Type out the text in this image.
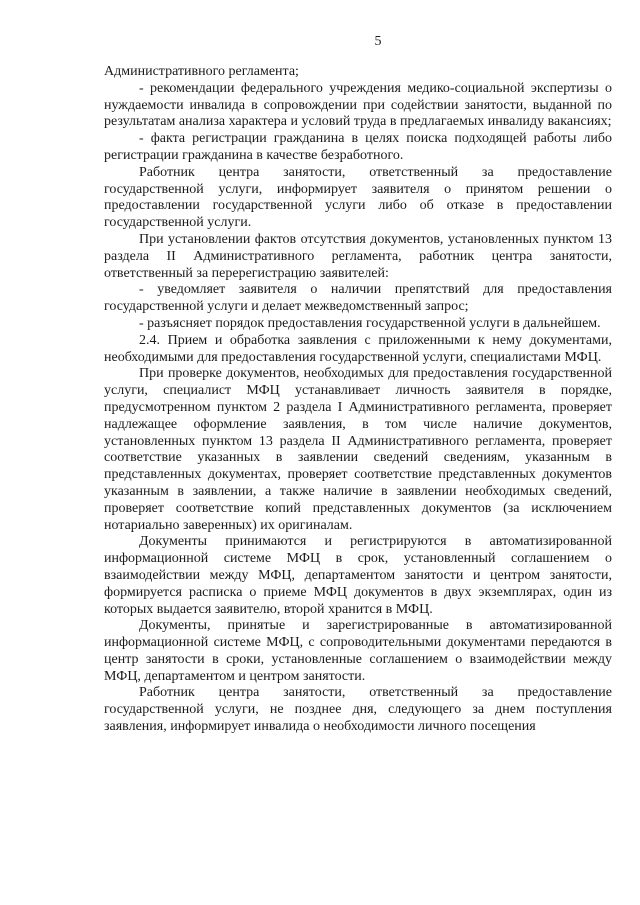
5

Административного регламента;

- рекомендации федерального учреждения медико-социальной экспертизы о нуждаемости инвалида в сопровождении при содействии занятости, выданной по результатам анализа характера и условий труда в предлагаемых инвалиду вакансиях;

- факта регистрации гражданина в целях поиска подходящей работы либо регистрации гражданина в качестве безработного.

Работник центра занятости, ответственный за предоставление государственной услуги, информирует заявителя о принятом решении о предоставлении государственной услуги либо об отказе в предоставлении государственной услуги.

При установлении фактов отсутствия документов, установленных пунктом 13 раздела II Административного регламента, работник центра занятости, ответственный за перерегистрацию заявителей:

- уведомляет заявителя о наличии препятствий для предоставления государственной услуги и делает межведомственный запрос;

- разъясняет порядок предоставления государственной услуги в дальнейшем.

2.4. Прием и обработка заявления с приложенными к нему документами, необходимыми для предоставления государственной услуги, специалистами МФЦ.

При проверке документов, необходимых для предоставления государственной услуги, специалист МФЦ устанавливает личность заявителя в порядке, предусмотренном пунктом 2 раздела I Административного регламента, проверяет надлежащее оформление заявления, в том числе наличие документов, установленных пунктом 13 раздела II Административного регламента, проверяет соответствие указанных в заявлении сведений сведениям, указанным в представленных документах, проверяет соответствие представленных документов указанным в заявлении, а также наличие в заявлении необходимых сведений, проверяет соответствие копий представленных документов (за исключением нотариально заверенных) их оригиналам.

Документы принимаются и регистрируются в автоматизированной информационной системе МФЦ в срок, установленный соглашением о взаимодействии между МФЦ, департаментом занятости и центром занятости, формируется расписка о приеме МФЦ документов в двух экземплярах, один из которых выдается заявителю, второй хранится в МФЦ.

Документы, принятые и зарегистрированные в автоматизированной информационной системе МФЦ, с сопроводительными документами передаются в центр занятости в сроки, установленные соглашением о взаимодействии между МФЦ, департаментом и центром занятости.

Работник центра занятости, ответственный за предоставление государственной услуги, не позднее дня, следующего за днем поступления заявления, информирует инвалида о необходимости личного посещения
